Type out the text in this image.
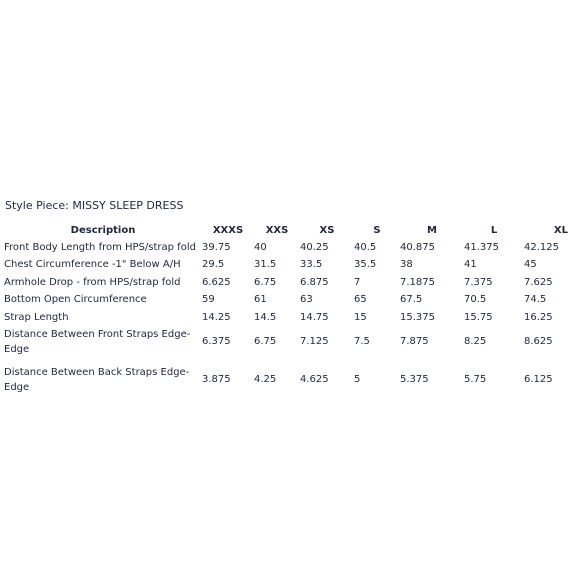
Style Piece: MISSY SLEEP DRESS
Description	XXXS	XXS	XS	S	M	L	XL
Front Body Length from HPS/strap fold	39.75	40	40.25	40.5	40.875	41.375	42.125
Chest Circumference -1" Below A/H	29.5	31.5	33.5	35.5	38	41	45
Armhole Drop - from HPS/strap fold	6.625	6.75	6.875	7	7.1875	7.375	7.625
Bottom Open Circumference	59	61	63	65	67.5	70.5	74.5
Strap Length	14.25	14.5	14.75	15	15.375	15.75	16.25
Distance Between Front Straps Edge-Edge	6.375	6.75	7.125	7.5	7.875	8.25	8.625
Distance Between Back Straps Edge-Edge	3.875	4.25	4.625	5	5.375	5.75	6.125
